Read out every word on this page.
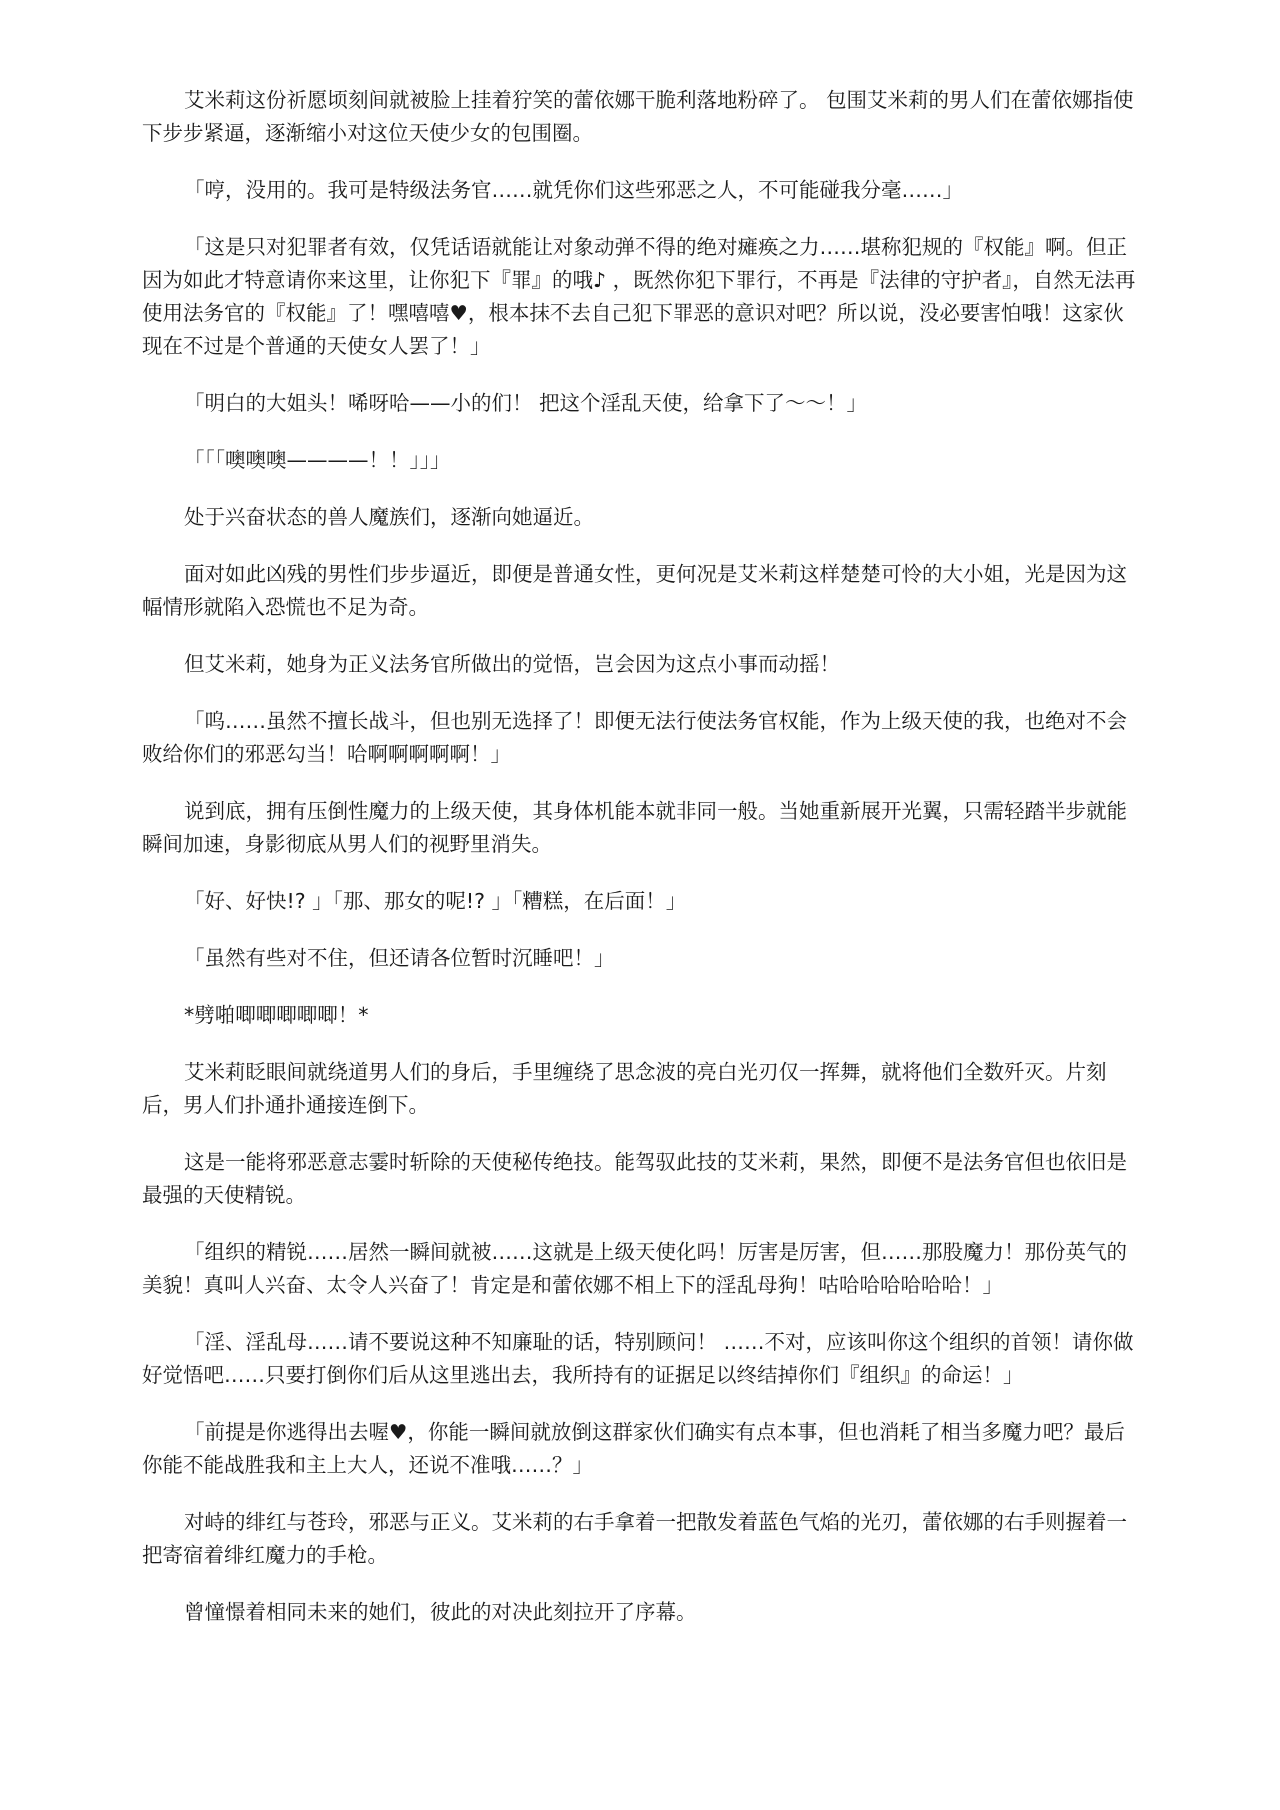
艾米莉这份祈愿顷刻间就被脸上挂着狞笑的蕾依娜干脆利落地粉碎了。 包围艾米莉的男人们在蕾依娜指使下步步紧逼，逐渐缩小对这位天使少女的包围圈。

「哼，没用的。我可是特级法务官……就凭你们这些邪恶之人，不可能碰我分毫……」

「这是只对犯罪者有效，仅凭话语就能让对象动弹不得的绝对瘫痪之力……堪称犯规的『权能』啊。但正因为如此才特意请你来这里，让你犯下『罪』的哦♪ ，既然你犯下罪行，不再是『法律的守护者』，自然无法再使用法务官的『权能』了！嘿嘻嘻♥，根本抹不去自己犯下罪恶的意识对吧？所以说，没必要害怕哦！这家伙现在不过是个普通的天使女人罢了！」

「明白的大姐头！唏呀哈——小的们！ 把这个淫乱天使，给拿下了〜〜！」

「「「噢噢噢————！！」」」

处于兴奋状态的兽人魔族们，逐渐向她逼近。

面对如此凶残的男性们步步逼近，即便是普通女性，更何况是艾米莉这样楚楚可怜的大小姐，光是因为这幅情形就陷入恐慌也不足为奇。

但艾米莉，她身为正义法务官所做出的觉悟，岂会因为这点小事而动摇！

「呜……虽然不擅长战斗，但也别无选择了！即便无法行使法务官权能，作为上级天使的我，也绝对不会败给你们的邪恶勾当！哈啊啊啊啊啊！」

说到底，拥有压倒性魔力的上级天使，其身体机能本就非同一般。当她重新展开光翼，只需轻踏半步就能瞬间加速，身影彻底从男人们的视野里消失。

「好、好快!? 」「那、那女的呢!? 」「糟糕，在后面！」

「虽然有些对不住，但还请各位暂时沉睡吧！」

*劈啪唧唧唧唧唧！*

艾米莉眨眼间就绕道男人们的身后，手里缠绕了思念波的亮白光刃仅一挥舞，就将他们全数歼灭。片刻后，男人们扑通扑通接连倒下。

这是一能将邪恶意志霎时斩除的天使秘传绝技。能驾驭此技的艾米莉，果然，即便不是法务官但也依旧是最强的天使精锐。

「组织的精锐……居然一瞬间就被……这就是上级天使化吗！厉害是厉害，但……那股魔力！那份英气的美貌！真叫人兴奋、太令人兴奋了！肯定是和蕾依娜不相上下的淫乱母狗！咕哈哈哈哈哈哈！」

「淫、淫乱母……请不要说这种不知廉耻的话，特别顾问！ ……不对，应该叫你这个组织的首领！请你做好觉悟吧……只要打倒你们后从这里逃出去，我所持有的证据足以终结掉你们『组织』的命运！」

「前提是你逃得出去喔♥，你能一瞬间就放倒这群家伙们确实有点本事，但也消耗了相当多魔力吧？最后你能不能战胜我和主上大人，还说不准哦……？」

对峙的绯红与苍玲，邪恶与正义。艾米莉的右手拿着一把散发着蓝色气焰的光刃，蕾依娜的右手则握着一把寄宿着绯红魔力的手枪。

曾憧憬着相同未来的她们，彼此的对决此刻拉开了序幕。
